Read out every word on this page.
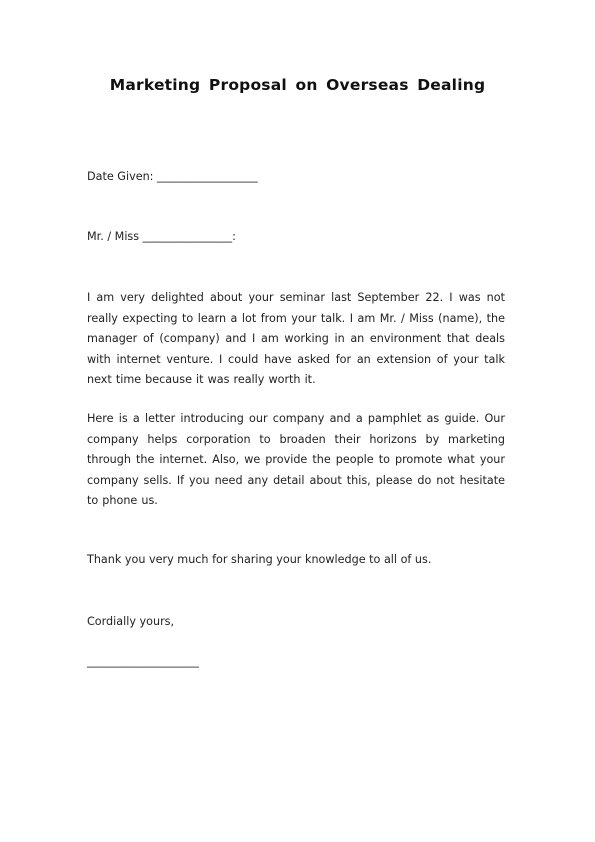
Marketing Proposal on Overseas Dealing
Date Given: __________________
Mr. / Miss ________________:
I am very delighted about your seminar last September 22. I was not really expecting to learn a lot from your talk. I am Mr. / Miss (name), the manager of (company) and I am working in an environment that deals with internet venture. I could have asked for an extension of your talk next time because it was really worth it.
Here is a letter introducing our company and a pamphlet as guide. Our company helps corporation to broaden their horizons by marketing through the internet. Also, we provide the people to promote what your company sells. If you need any detail about this, please do not hesitate to phone us.
Thank you very much for sharing your knowledge to all of us.
Cordially yours,
____________________
